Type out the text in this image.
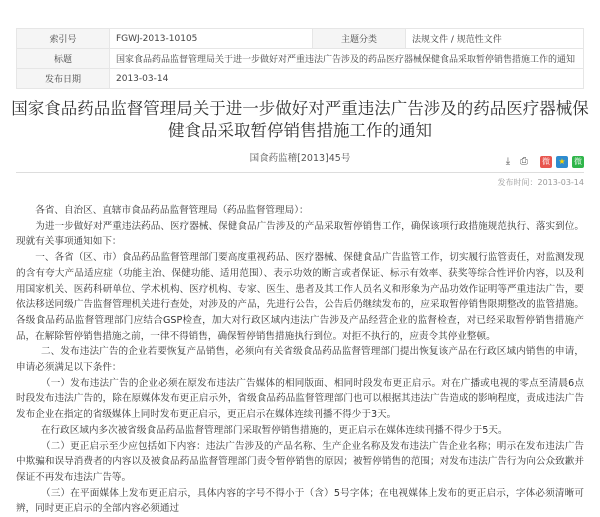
索引号	FGWJ-2013-10105	主题分类	法规文件 / 规范性文件
标题	国家食品药品监督管理局关于进一步做好对严重违法广告涉及的药品医疗器械保健食品采取暂停销售措施工作的通知		
发布日期	2013-03-14		
国家食品药品监督管理局关于进一步做好对严重违法广告涉及的药品医疗器械保健食品采取暂停销售措施工作的通知
国食药监稽[2013]45号	⤓ ⎙ 微	★	微
发布时间：2013-03-14

各省、自治区、直辖市食品药品监督管理局（药品监督管理局）：

为进一步做好对严重违法药品、医疗器械、保健食品广告涉及的产品采取暂停销售工作，确保该项行政措施规范执行、落实到位。现就有关事项通知如下：

一、各省（区、市）食品药品监督管理部门要高度重视药品、医疗器械、保健食品广告监管工作，切实履行监管责任，对监测发现的含有夸大产品适应症（功能主治、保健功能、适用范围）、表示功效的断言或者保证、标示有效率、获奖等综合性评价内容，以及利用国家机关、医药科研单位、学术机构、医疗机构、专家、医生、患者及其工作人员名义和形象为产品功效作证明等严重违法广告，要依法移送同级广告监督管理机关进行查处，对涉及的产品，先进行公告，公告后仍继续发布的，应采取暂停销售限期整改的监管措施。各级食品药品监督管理部门应结合GSP检查，加大对行政区域内违法广告涉及产品经营企业的监督检查，对已经采取暂停销售措施产品，在解除暂停销售措施之前，一律不得销售，确保暂停销售措施执行到位。对拒不执行的，应责令其停业整顿。

二、发布违法广告的企业若要恢复产品销售，必须向有关省级食品药品监督管理部门提出恢复该产品在行政区域内销售的申请，申请必须满足以下条件：

（一）发布违法广告的企业必须在原发布违法广告媒体的相同版面、相同时段发布更正启示。对在广播或电视的零点至清晨6点时段发布违法广告的，除在原媒体发布更正启示外，省级食品药品监督管理部门也可以根据其违法广告造成的影响程度，责成违法广告发布企业在指定的省级媒体上同时发布更正启示，更正启示在媒体连续刊播不得少于3天。

在行政区域内多次被省级食品药品监督管理部门采取暂停销售措施的，更正启示在媒体连续刊播不得少于5天。

（二）更正启示至少应包括如下内容：违法广告涉及的产品名称、生产企业名称及发布违法广告企业名称；明示在发布违法广告中欺骗和误导消费者的内容以及被食品药品监督管理部门责令暂停销售的原因；被暂停销售的范围；对发布违法广告行为向公众致歉并保证不再发布违法广告等。

（三）在平面媒体上发布更正启示，具体内容的字号不得小于（含）5号字体；在电视媒体上发布的更正启示，字体必须清晰可辨，同时更正启示的全部内容必须通过
